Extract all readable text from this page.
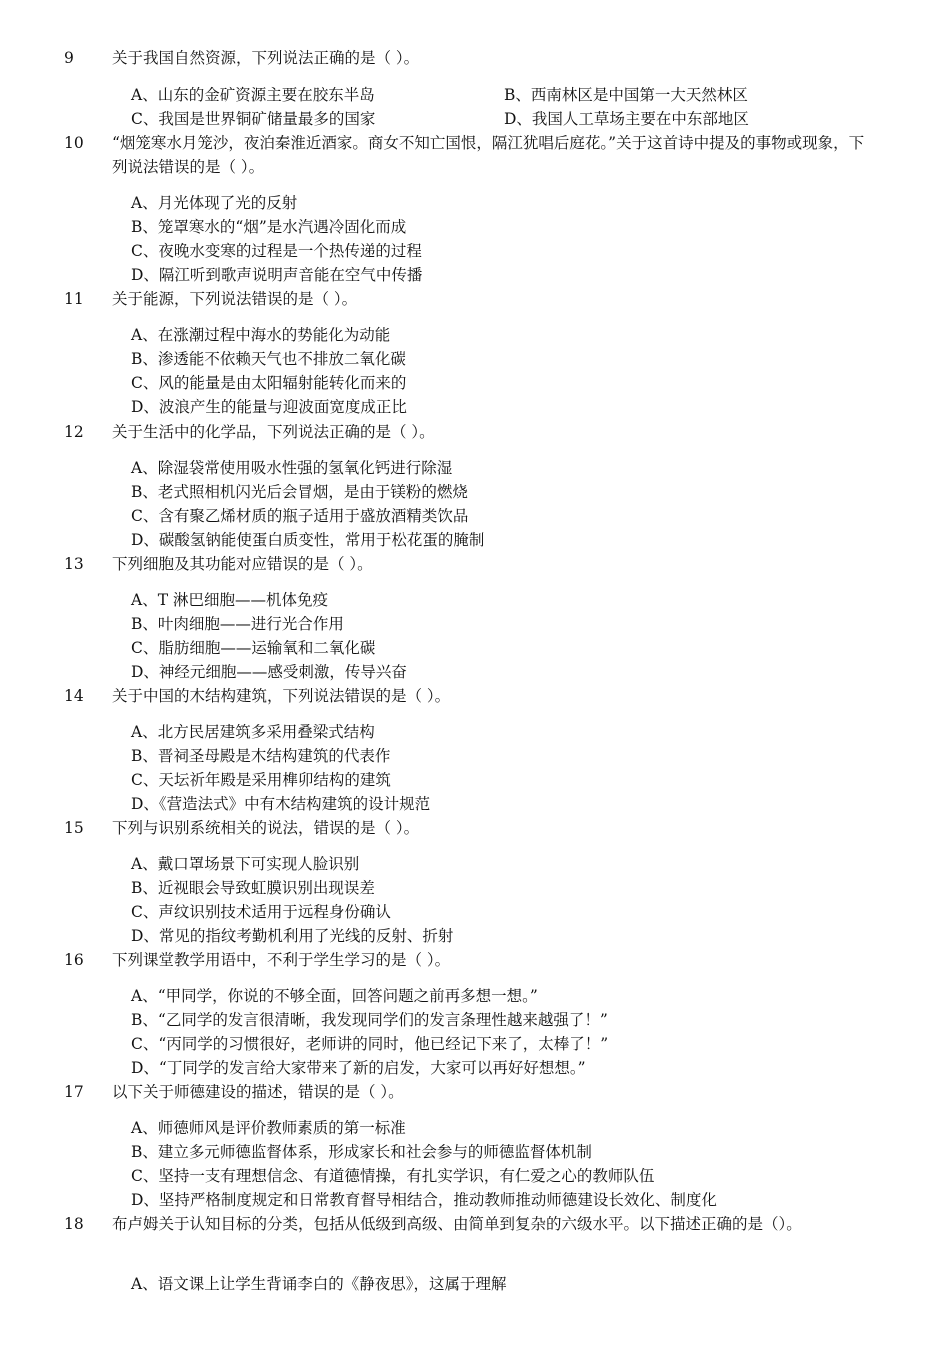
9	关于我国自然资源，下列说法正确的是（ ）。
A、山东的金矿资源主要在胶东半岛	B、西南林区是中国第一大天然林区
C、我国是世界铜矿储量最多的国家	D、我国人工草场主要在中东部地区
10	“烟笼寒水月笼沙，夜泊秦淮近酒家。商女不知亡国恨，隔江犹唱后庭花。”关于这首诗中提及的事物或现象，下列说法错误的是（ ）。
A、月光体现了光的反射
B、笼罩寒水的“烟”是水汽遇冷固化而成
C、夜晚水变寒的过程是一个热传递的过程
D、隔江听到歌声说明声音能在空气中传播
11	关于能源，下列说法错误的是（ ）。
A、在涨潮过程中海水的势能化为动能
B、渗透能不依赖天气也不排放二氧化碳
C、风的能量是由太阳辐射能转化而来的
D、波浪产生的能量与迎波面宽度成正比
12	关于生活中的化学品，下列说法正确的是（ ）。
A、除湿袋常使用吸水性强的氢氧化钙进行除湿
B、老式照相机闪光后会冒烟，是由于镁粉的燃烧
C、含有聚乙烯材质的瓶子适用于盛放酒精类饮品
D、碳酸氢钠能使蛋白质变性，常用于松花蛋的腌制
13	下列细胞及其功能对应错误的是（ ）。
A、T 淋巴细胞——机体免疫
B、叶肉细胞——进行光合作用
C、脂肪细胞——运输氧和二氧化碳
D、神经元细胞——感受刺激，传导兴奋
14	关于中国的木结构建筑，下列说法错误的是（ ）。
A、北方民居建筑多采用叠梁式结构
B、晋祠圣母殿是木结构建筑的代表作
C、天坛祈年殿是采用榫卯结构的建筑
D、《营造法式》中有木结构建筑的设计规范
15	下列与识别系统相关的说法，错误的是（ ）。
A、戴口罩场景下可实现人脸识别
B、近视眼会导致虹膜识别出现误差
C、声纹识别技术适用于远程身份确认
D、常见的指纹考勤机利用了光线的反射、折射
16	下列课堂教学用语中，不利于学生学习的是（ ）。
A、“甲同学，你说的不够全面，回答问题之前再多想一想。”
B、“乙同学的发言很清晰，我发现同学们的发言条理性越来越强了！”
C、“丙同学的习惯很好，老师讲的同时，他已经记下来了，太棒了！”
D、“丁同学的发言给大家带来了新的启发，大家可以再好好想想。”
17	以下关于师德建设的描述，错误的是（ ）。
A、师德师风是评价教师素质的第一标准
B、建立多元师德监督体系，形成家长和社会参与的师德监督体机制
C、坚持一支有理想信念、有道德情操，有扎实学识，有仁爱之心的教师队伍
D、坚持严格制度规定和日常教育督导相结合，推动教师推动师德建设长效化、制度化
18	布卢姆关于认知目标的分类，包括从低级到高级、由简单到复杂的六级水平。以下描述正确的是（）。
A、语文课上让学生背诵李白的《静夜思》，这属于理解
